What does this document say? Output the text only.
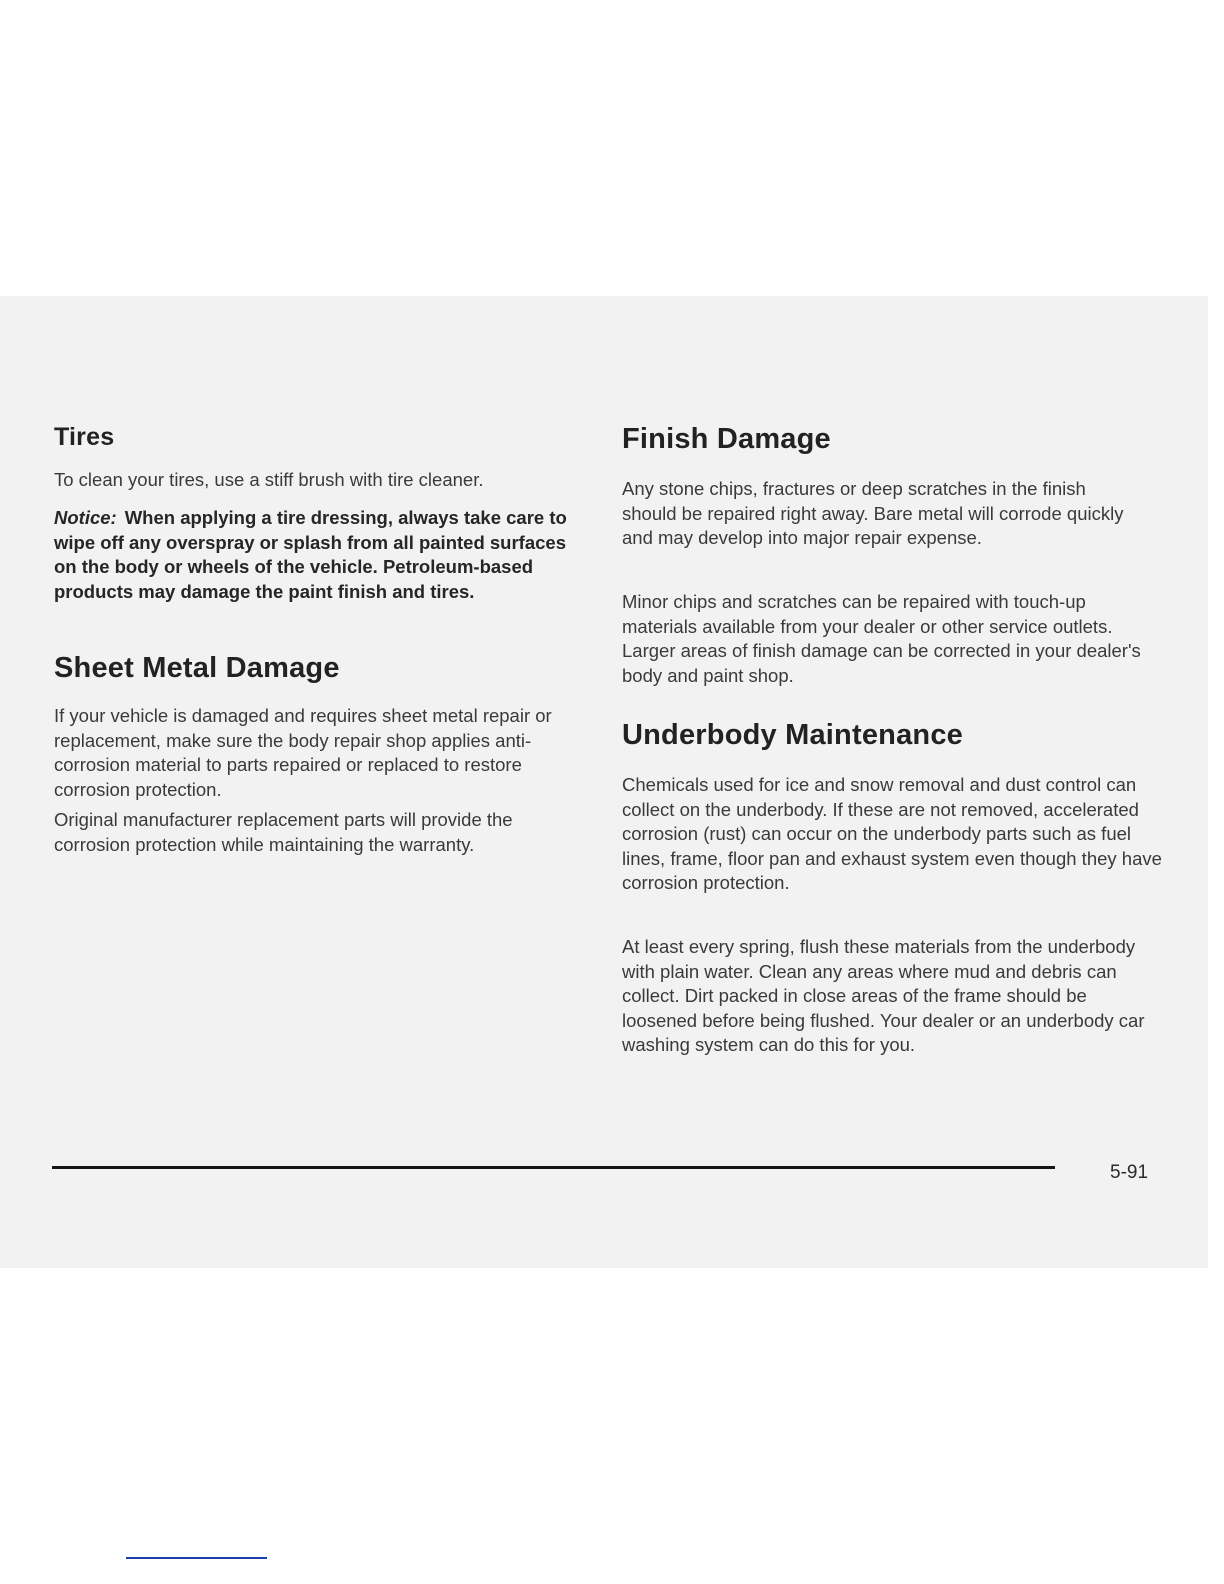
Tires

To clean your tires, use a stiff brush with tire cleaner.

Notice: When applying a tire dressing, always take care to wipe off any overspray or splash from all painted surfaces on the body or wheels of the vehicle. Petroleum-based products may damage the paint finish and tires.

Sheet Metal Damage

If your vehicle is damaged and requires sheet metal repair or replacement, make sure the body repair shop applies anti-corrosion material to parts repaired or replaced to restore corrosion protection.

Original manufacturer replacement parts will provide the corrosion protection while maintaining the warranty.

Finish Damage

Any stone chips, fractures or deep scratches in the finish should be repaired right away. Bare metal will corrode quickly and may develop into major repair expense.

Minor chips and scratches can be repaired with touch-up materials available from your dealer or other service outlets. Larger areas of finish damage can be corrected in your dealer's body and paint shop.

Underbody Maintenance

Chemicals used for ice and snow removal and dust control can collect on the underbody. If these are not removed, accelerated corrosion (rust) can occur on the underbody parts such as fuel lines, frame, floor pan and exhaust system even though they have corrosion protection.

At least every spring, flush these materials from the underbody with plain water. Clean any areas where mud and debris can collect. Dirt packed in close areas of the frame should be loosened before being flushed. Your dealer or an underbody car washing system can do this for you.

5-91
